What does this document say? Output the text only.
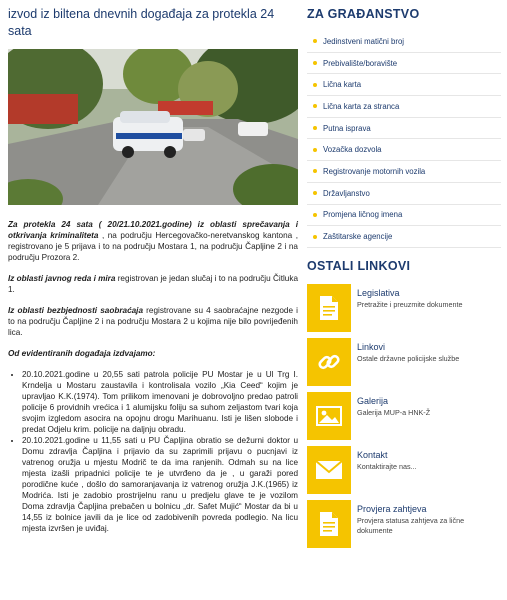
izvod iz biltena dnevnih događaja za protekla 24 sata

Za protekla 24 sata ( 20/21.10.2021.godine) iz oblasti sprečavanja i otkrivanja kriminaliteta , na području Hercegovačko-neretvanskog kantona , registrovano je 5 prijava i to na području Mostara 1, na području Čapljine 2 i na području Prozora 2.

Iz oblasti javnog reda i mira registrovan je jedan slučaj i to na području Čitluka 1.

Iz oblasti bezbjednosti saobraćaja registrovane su 4 saobraćajne nezgode i to na području Čapljine 2 i na području Mostara 2 u kojima nije bilo povrijeđenih lica.

Od evidentiranih događaja izdvajamo:

• 20.10.2021.godine u 20,55 sati patrola policije PU Mostar je u Ul Trg I. Krndelja u Mostaru zaustavila i kontrolisala vozilo „Kia Ceed“ kojim je upravljao K.K.(1974). Tom prilikom imenovani je dobrovoljno predao patroli policije 6 providnih vrećica i 1 alumijsku foliju sa suhom zeljastom tvari koja svojim izgledom asocira na opojnu drogu Marihuanu. Isti je lišen slobode i predat Odjelu krim. policije na daljnju obradu.
• 20.10.2021.godine u 11,55 sati u PU Čapljina obratio se dežurni doktor u Domu zdravlja Čapljina i prijavio da su zaprimili prijavu o pucnjavi iz vatrenog oružja u mjestu Modrič te da ima ranjenih. Odmah su na lice mjesta izašli pripadnici policije te je utvrđeno da je , u garaži pored porodične kuće , došlo do samoranjavanja iz vatrenog oružja J.K.(1965) iz Modrića. Isti je zadobio prostrijelnu ranu u predjelu glave te je vozilom Doma zdravlja Čapljina prebačen u bolnicu „dr. Safet Mujić“ Mostar da bi u 14,55 iz bolnice javili da je lice od zadobivenih povreda podlegio. Na licu mjesta izvršen je uviđaj.
ZA GRAĐANSTVO
Jedinstveni matični broj
Prebivalište/boravište
Lična karta
Lična karta za stranca
Putna isprava
Vozačka dozvola
Registrovanje motornih vozila
Državljanstvo
Promjena ličnog imena
Zaštitarske agencije
OSTALI LINKOVI
Legislativa
Pretražite i preuzmite dokumente
Linkovi
Ostale državne policijske službe
Galerija
Galerija MUP-a HNK-Ž
Kontakt
Kontaktirajte nas...
Provjera zahtjeva
Provjera statusa zahtjeva za lične dokumente
